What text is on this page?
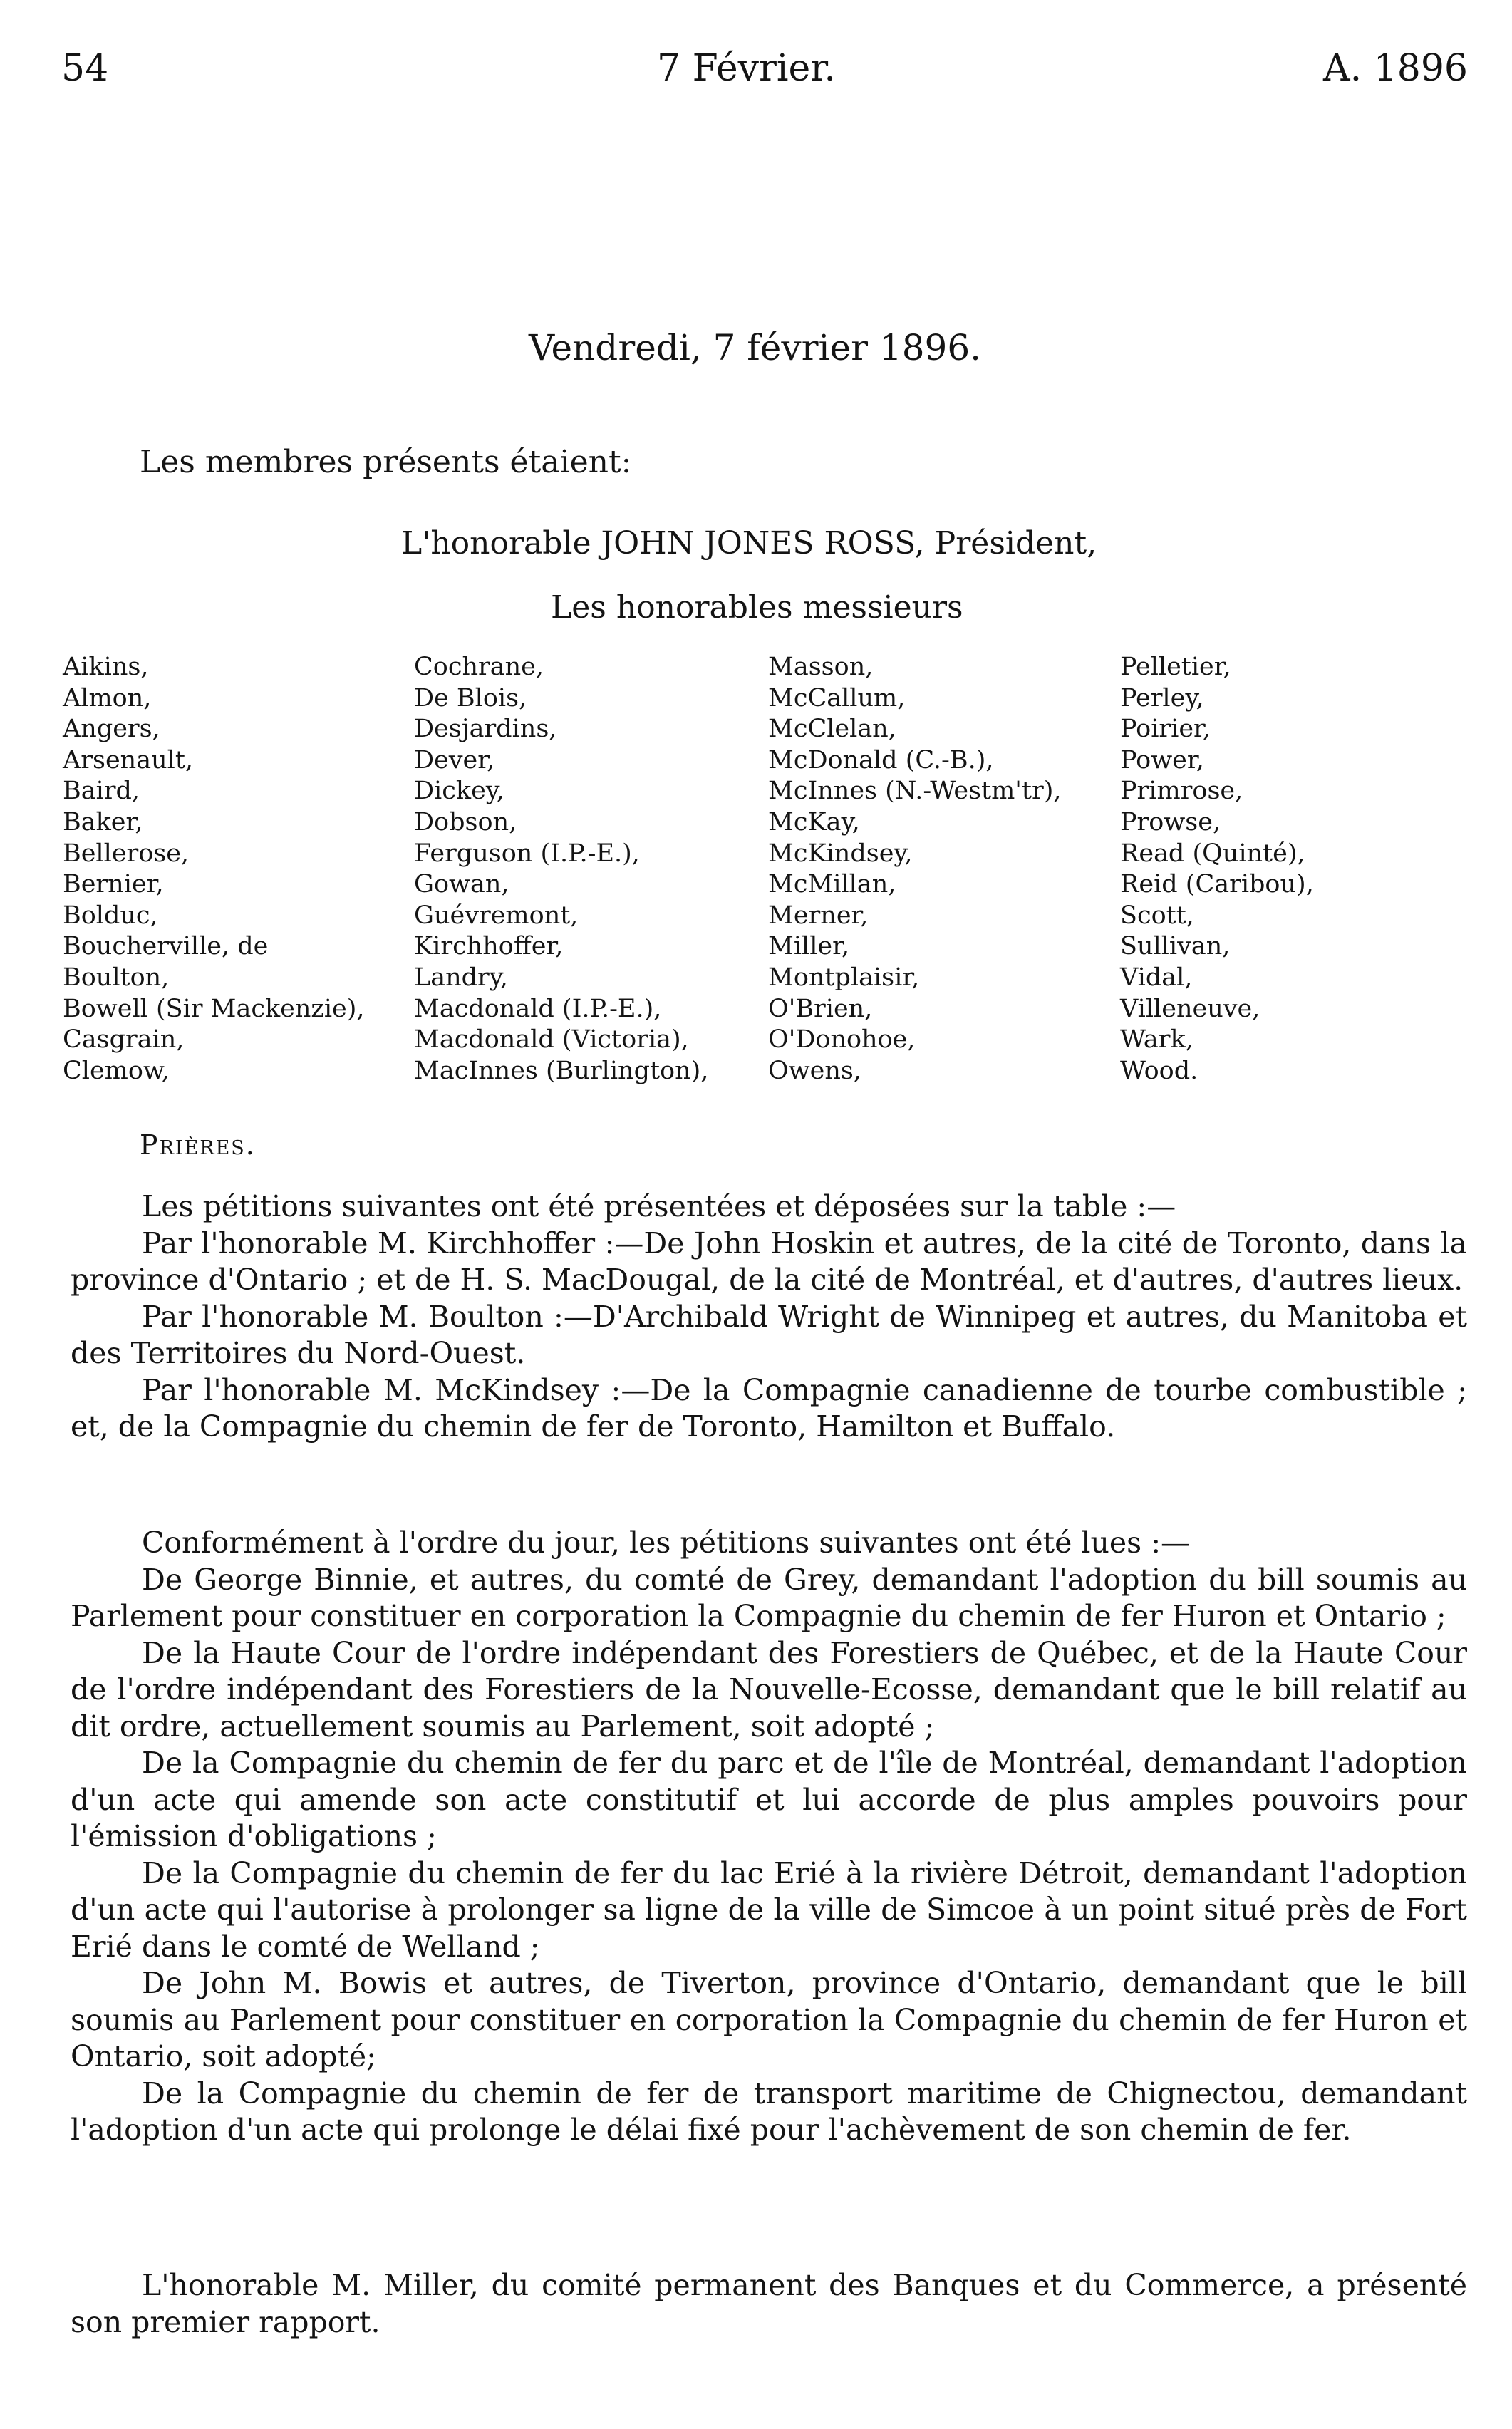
54	7 Février.	A. 1896
Vendredi, 7 février 1896.
Les membres présents étaient:
L'honorable JOHN JONES ROSS, Président,
Les honorables messieurs
Aikins,
Almon,
Angers,
Arsenault,
Baird,
Baker,
Bellerose,
Bernier,
Bolduc,
Boucherville, de
Boulton,
Bowell (Sir Mackenzie),
Casgrain,
Clemow,
Cochrane,
De Blois,
Desjardins,
Dever,
Dickey,
Dobson,
Ferguson (I.P.-E.),
Gowan,
Guévremont,
Kirchhoffer,
Landry,
Macdonald (I.P.-E.),
Macdonald (Victoria),
MacInnes (Burlington),
Masson,
McCallum,
McClelan,
McDonald (C.-B.),
McInnes (N.-Westm'tr),
McKay,
McKindsey,
McMillan,
Merner,
Miller,
Montplaisir,
O'Brien,
O'Donohoe,
Owens,
Pelletier,
Perley,
Poirier,
Power,
Primrose,
Prowse,
Read (Quinté),
Reid (Caribou),
Scott,
Sullivan,
Vidal,
Villeneuve,
Wark,
Wood.
Prières.

Les pétitions suivantes ont été présentées et déposées sur la table :—

Par l'honorable M. Kirchhoffer :—De John Hoskin et autres, de la cité de Toronto, dans la province d'Ontario ; et de H. S. MacDougal, de la cité de Montréal, et d'autres, d'autres lieux.

Par l'honorable M. Boulton :—D'Archibald Wright de Winnipeg et autres, du Manitoba et des Territoires du Nord-Ouest.

Par l'honorable M. McKindsey :—De la Compagnie canadienne de tourbe combustible ; et, de la Compagnie du chemin de fer de Toronto, Hamilton et Buffalo.

Conformément à l'ordre du jour, les pétitions suivantes ont été lues :—

De George Binnie, et autres, du comté de Grey, demandant l'adoption du bill soumis au Parlement pour constituer en corporation la Compagnie du chemin de fer Huron et Ontario ;

De la Haute Cour de l'ordre indépendant des Forestiers de Québec, et de la Haute Cour de l'ordre indépendant des Forestiers de la Nouvelle-Ecosse, demandant que le bill relatif au dit ordre, actuellement soumis au Parlement, soit adopté ;

De la Compagnie du chemin de fer du parc et de l'île de Montréal, demandant l'adoption d'un acte qui amende son acte constitutif et lui accorde de plus amples pouvoirs pour l'émission d'obligations ;

De la Compagnie du chemin de fer du lac Erié à la rivière Détroit, demandant l'adoption d'un acte qui l'autorise à prolonger sa ligne de la ville de Simcoe à un point situé près de Fort Erié dans le comté de Welland ;

De John M. Bowis et autres, de Tiverton, province d'Ontario, demandant que le bill soumis au Parlement pour constituer en corporation la Compagnie du chemin de fer Huron et Ontario, soit adopté;

De la Compagnie du chemin de fer de transport maritime de Chignectou, demandant l'adoption d'un acte qui prolonge le délai fixé pour l'achèvement de son chemin de fer.

L'honorable M. Miller, du comité permanent des Banques et du Commerce, a présenté son premier rapport.
